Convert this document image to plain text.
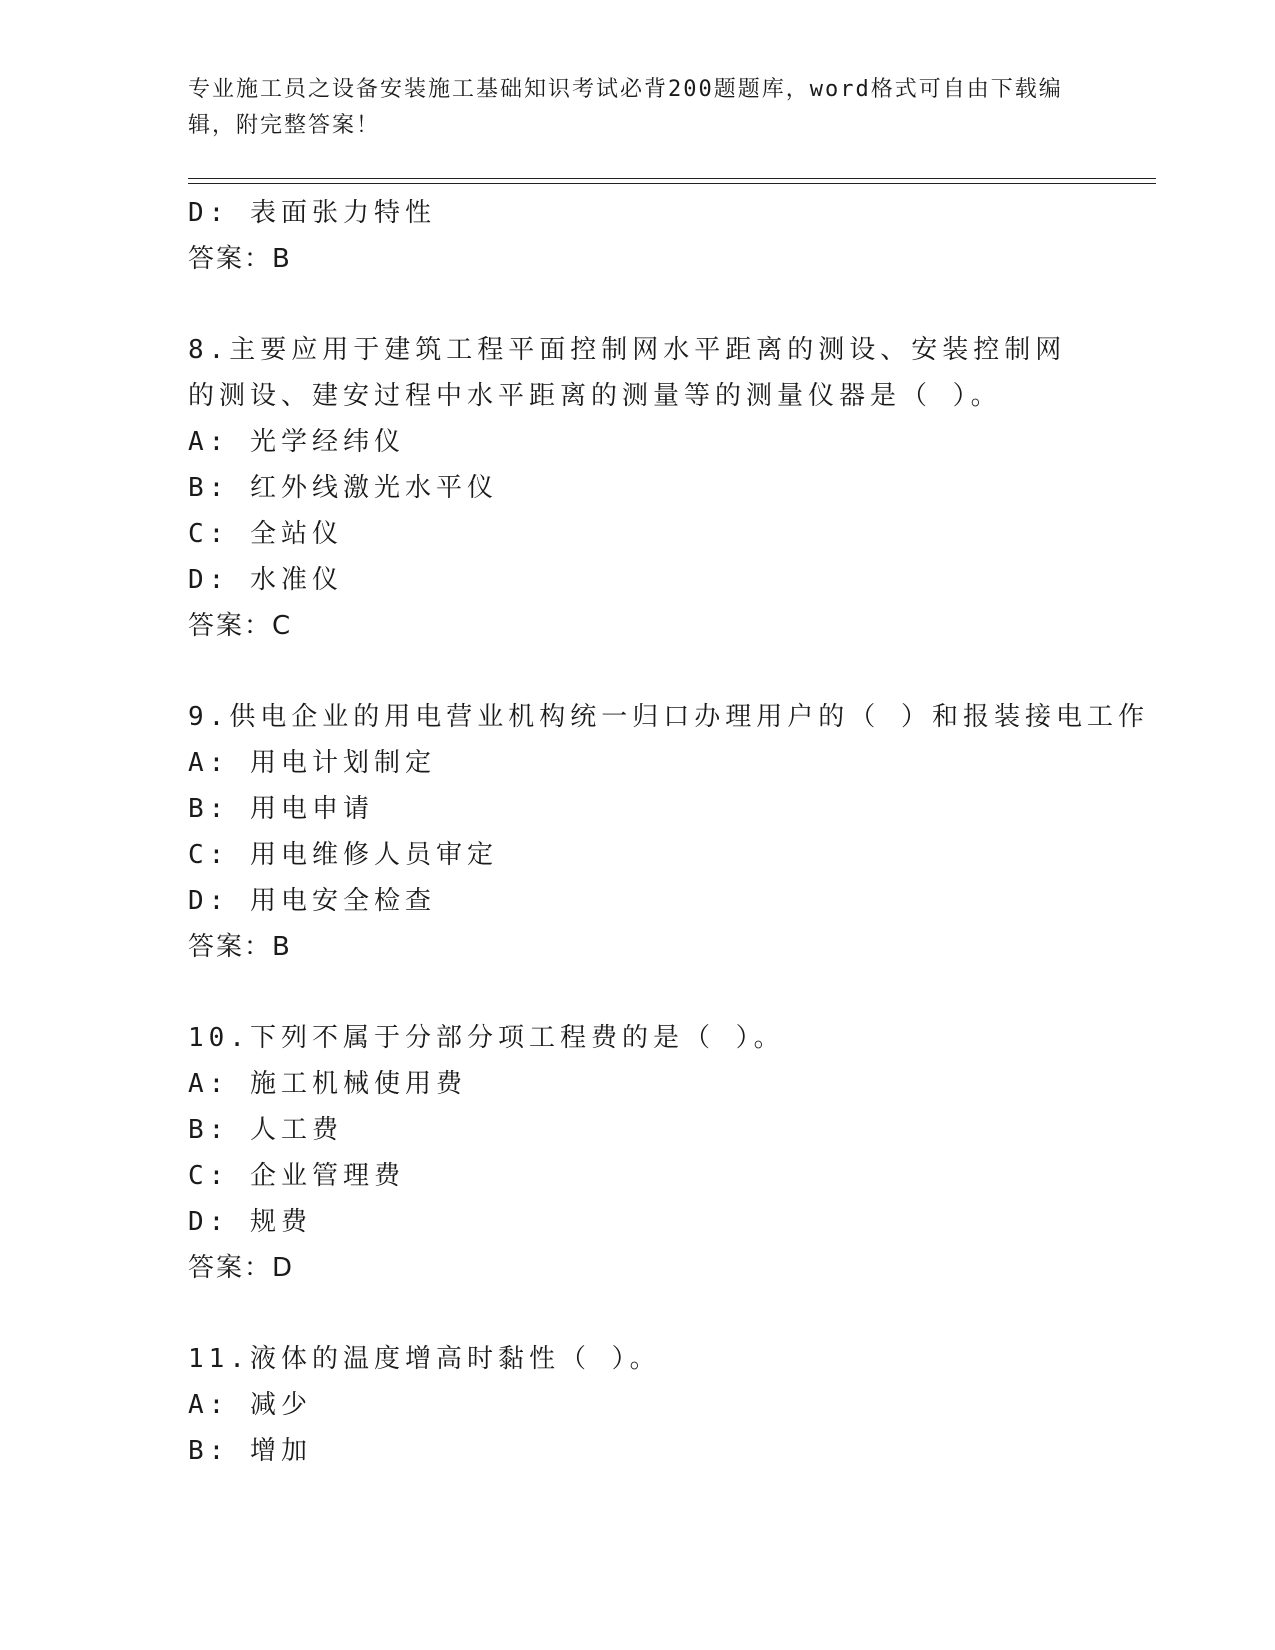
专业施工员之设备安装施工基础知识考试必背200题题库，word格式可自由下载编辑，附完整答案！
D: 表面张力特性
答案：B
8.主要应用于建筑工程平面控制网水平距离的测设、安装控制网的测设、建安过程中水平距离的测量等的测量仪器是（ ）。
A: 光学经纬仪
B: 红外线激光水平仪
C: 全站仪
D: 水准仪
答案：C
9.供电企业的用电营业机构统一归口办理用户的（ ）和报装接电工作
A: 用电计划制定
B: 用电申请
C: 用电维修人员审定
D: 用电安全检查
答案：B
10.下列不属于分部分项工程费的是（ ）。
A: 施工机械使用费
B: 人工费
C: 企业管理费
D: 规费
答案：D
11.液体的温度增高时黏性（ ）。
A: 减少
B: 增加
